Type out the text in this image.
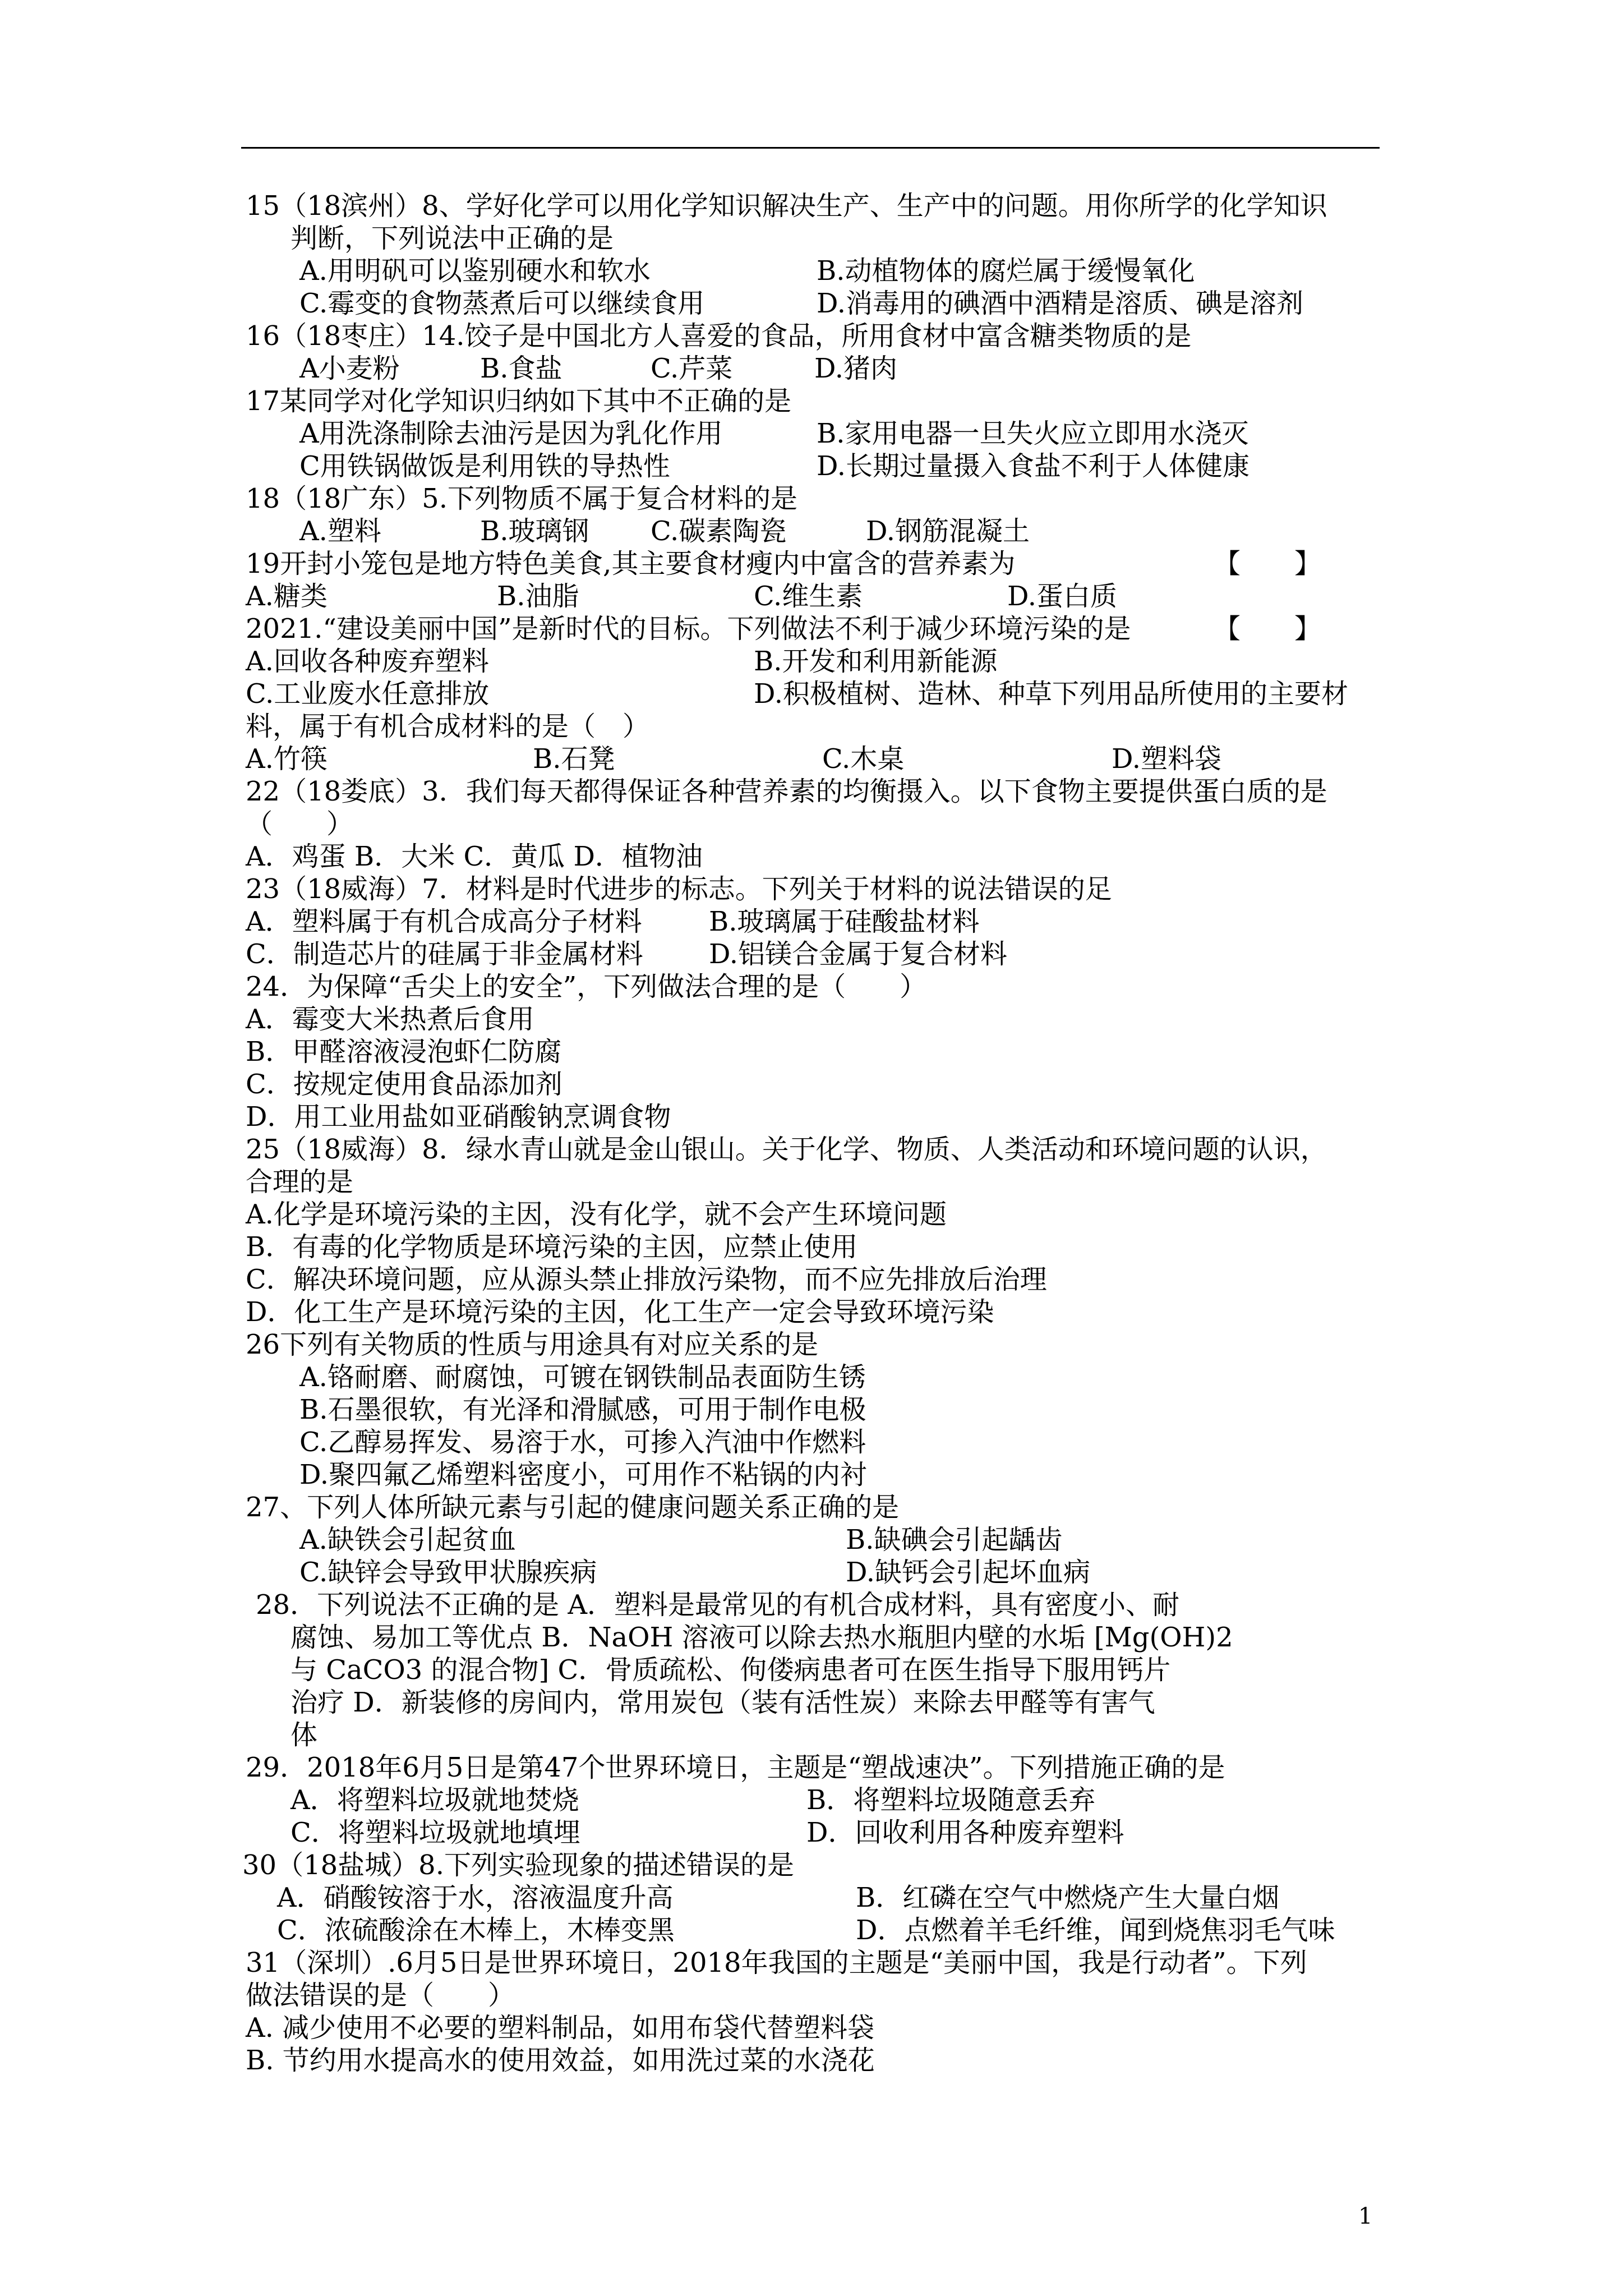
15（18滨州）8、学好化学可以用化学知识解决生产、生产中的问题。用你所学的化学知识

判断，下列说法中正确的是

A.用明矾可以鉴别硬水和软水	B.动植物体的腐烂属于缓慢氧化
C.霉变的食物蒸煮后可以继续食用	D.消毒用的碘酒中酒精是溶质、碘是溶剂

16（18枣庄）14.饺子是中国北方人喜爱的食品，所用食材中富含糖类物质的是

A小麦粉	B.食盐	C.芹菜	D.猪肉

17某同学对化学知识归纳如下其中不正确的是

A用洗涤制除去油污是因为乳化作用	B.家用电器一旦失火应立即用水浇灭
C用铁锅做饭是利用铁的导热性	D.长期过量摄入食盐不利于人体健康

18（18广东）5.下列物质不属于复合材料的是

A.塑料	B.玻璃钢	C.碳素陶瓷	D.钢筋混凝土
19开封小笼包是地方特色美食,其主要食材瘦内中富含的营养素为	【　　】
A.糖类	B.油脂	C.维生素	D.蛋白质
2021.“建设美丽中国”是新时代的目标。下列做法不利于减少环境污染的是	【　　】
A.回收各种废弃塑料	B.开发和利用新能源
C.工业废水任意排放	D.积极植树、造林、种草下列用品所使用的主要材

料，属于有机合成材料的是（　）

A.竹筷	B.石凳	C.木桌	D.塑料袋

22（18娄底）3．我们每天都得保证各种营养素的均衡摄入。以下食物主要提供蛋白质的是

（　　）

A．鸡蛋 B．大米 C．黄瓜 D．植物油

23（18威海）7．材料是时代进步的标志。下列关于材料的说法错误的足

A．塑料属于有机合成高分子材料	B.玻璃属于硅酸盐材料
C．制造芯片的硅属于非金属材料	D.铝镁合金属于复合材料

24．为保障“舌尖上的安全”，下列做法合理的是（　　）

A．霉变大米热煮后食用

B．甲醛溶液浸泡虾仁防腐

C．按规定使用食品添加剂

D．用工业用盐如亚硝酸钠烹调食物

25（18威海）8．绿水青山就是金山银山。关于化学、物质、人类活动和环境问题的认识，

合理的是

A.化学是环境污染的主因，没有化学，就不会产生环境问题

B．有毒的化学物质是环境污染的主因，应禁止使用

C．解决环境问题，应从源头禁止排放污染物，而不应先排放后治理

D．化工生产是环境污染的主因，化工生产一定会导致环境污染

26下列有关物质的性质与用途具有对应关系的是

A.铬耐磨、耐腐蚀，可镀在钢铁制品表面防生锈

B.石墨很软，有光泽和滑腻感，可用于制作电极

C.乙醇易挥发、易溶于水，可掺入汽油中作燃料

D.聚四氟乙烯塑料密度小，可用作不粘锅的内衬

27、下列人体所缺元素与引起的健康问题关系正确的是

A.缺铁会引起贫血	B.缺碘会引起龋齿
C.缺锌会导致甲状腺疾病	D.缺钙会引起坏血病

28．下列说法不正确的是 A．塑料是最常见的有机合成材料，具有密度小、耐

腐蚀、易加工等优点 B．NaOH 溶液可以除去热水瓶胆内壁的水垢 [Mg(OH)2

与 CaCO3 的混合物] C．骨质疏松、佝偻病患者可在医生指导下服用钙片

治疗 D．新装修的房间内，常用炭包（装有活性炭）来除去甲醛等有害气

体

29．2018年6月5日是第47个世界环境日，主题是“塑战速决”。下列措施正确的是

A．将塑料垃圾就地焚烧	B．将塑料垃圾随意丢弃
C．将塑料垃圾就地填埋	D．回收利用各种废弃塑料

30（18盐城）8.下列实验现象的描述错误的是

A．硝酸铵溶于水，溶液温度升高	B．红磷在空气中燃烧产生大量白烟
C．浓硫酸涂在木棒上，木棒变黑	D．点燃着羊毛纤维，闻到烧焦羽毛气味

31（深圳）.6月5日是世界环境日，2018年我国的主题是“美丽中国，我是行动者”。下列

做法错误的是（　　）

A. 减少使用不必要的塑料制品，如用布袋代替塑料袋

B. 节约用水提高水的使用效益，如用洗过菜的水浇花

1
